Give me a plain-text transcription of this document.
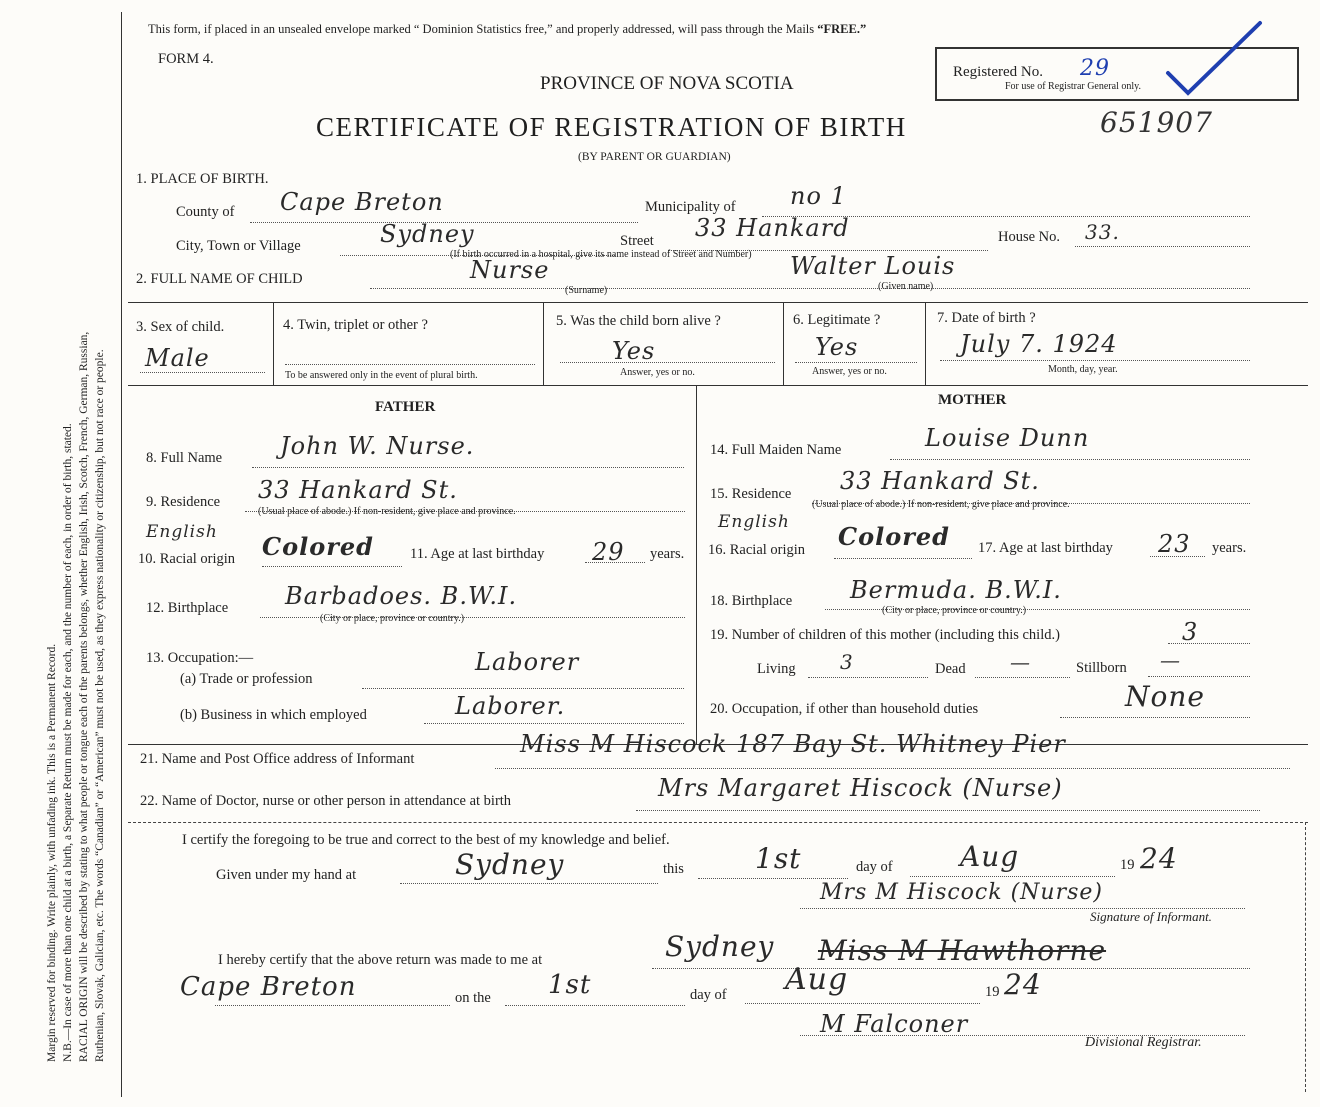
Margin reserved for binding. Write plainly, with unfading ink. This is a Permanent Record. N.B.—In case of more than one child at a birth, a Separate Return must be made for each, and the number of each, in order of birth, stated. RACIAL ORIGIN will be described by stating to what people or tongue each of the parents belongs, whether English, Irish, Scotch, French, German, Russian, Ruthenian, Slovak, Galician, etc. The words “Canadian” or “American” must not be used, as they express nationality or citizenship, but not race or people.
This form, if placed in an unsealed envelope marked “ Dominion Statistics free,” and properly addressed, will pass through the Mails “FREE.”
FORM 4.
PROVINCE OF NOVA SCOTIA
CERTIFICATE OF REGISTRATION OF BIRTH
(BY PARENT OR GUARDIAN)
651907
Registered No. 29
For use of Registrar General only.
1. PLACE OF BIRTH.
County of Cape Breton	Municipality of no 1
City, Town or Village	Sydney	Street 33 Hankard	House No. 33.
(If birth occurred in a hospital, give its name instead of Street and Number)
2. FULL NAME OF CHILD	Nurse	Walter Louis
(Surname)	(Given name)
3. Sex of child.
Male
4. Twin, triplet or other ?
To be answered only in the event of plural birth.
5. Was the child born alive ?
Yes
Answer, yes or no.
6. Legitimate ?
Yes
Answer, yes or no.
7. Date of birth ?
July 7. 1924
Month, day, year.
FATHER
8. Full Name John W. Nurse.
9. Residence 33 Hankard St.
(Usual place of abode.) If non-resident, give place and province.
English
10. Racial origin Colored 11. Age at last birthday 29 years.
12. Birthplace Barbadoes. B.W.I.
(City or place, province or country.)
13. Occupation:—
(a) Trade or profession
Laborer
(b) Business in which employed	Laborer.
MOTHER
14. Full Maiden Name	Louise Dunn
15. Residence 33 Hankard St.
(Usual place of abode.) If non-resident, give place and province.
English
16. Racial origin Colored 17. Age at last birthday 23 years.
18. Birthplace Bermuda. B.W.I.
(City or place, province or country.)
19. Number of children of this mother (including this child.)	3
Living 3	Dead —	Stillborn —
20. Occupation, if other than household duties	None
21. Name and Post Office address of Informant
Miss M Hiscock 187 Bay St. Whitney Pier
22. Name of Doctor, nurse or other person in attendance at birth	Mrs Margaret Hiscock (Nurse)
I certify the foregoing to be true and correct to the best of my knowledge and belief.
Given under my hand at	Sydney	this	1st	day of Aug	19 24
Mrs M Hiscock (Nurse)
Signature of Informant.
I hereby certify that the above return was made to me at	Sydney Miss M Hawthorne
Cape Breton	on the 1st	day of Aug	19 24
M Falconer
Divisional Registrar.
